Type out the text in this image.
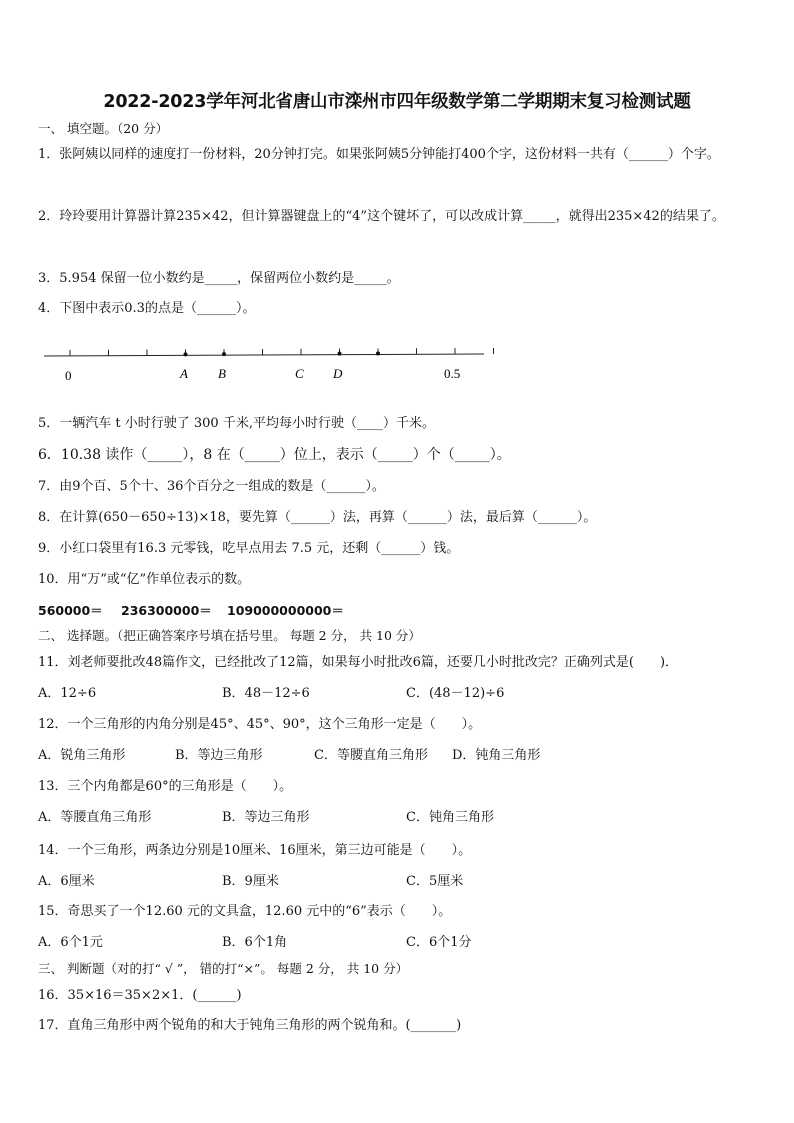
2022-2023学年河北省唐山市滦州市四年级数学第二学期期末复习检测试题
一、 填空题。（20 分）
1．张阿姨以同样的速度打一份材料，20分钟打完。如果张阿姨5分钟能打400个字，这份材料一共有（______）个字。
2．玲玲要用计算器计算235×42，但计算器键盘上的“4”这个键坏了，可以改成计算_____，就得出235×42的结果了。
3．5.954 保留一位小数约是_____，保留两位小数约是_____。
4．下图中表示0.3的点是（______）。
0	A B	C D	0.5
5．一辆汽车 t 小时行驶了 300 千米,平均每小时行驶（____）千米。
6．10.38 读作（_____），8 在（_____）位上，表示（_____）个（_____）。
7．由9个百、5个十、36个百分之一组成的数是（______）。
8．在计算(650－650÷13)×18，要先算（______）法，再算（______）法，最后算（______）。
9．小红口袋里有16.3 元零钱，吃早点用去 7.5 元，还剩（______）钱。
10．用“万”或“亿”作单位表示的数。
560000＝ 236300000＝ 109000000000＝
二、 选择题。（把正确答案序号填在括号里。 每题 2 分， 共 10 分）
11．刘老师要批改48篇作文，已经批改了12篇，如果每小时批改6篇，还要几小时批改完？正确列式是(　　)．
A．12÷6	B．48－12÷6	C．(48－12)÷6
12．一个三角形的内角分别是45°、45°、90°，这个三角形一定是（　　）。
A．锐角三角形	B．等边三角形	C．等腰直角三角形 D．钝角三角形
13．三个内角都是60°的三角形是（　　）。
A．等腰直角三角形	B．等边三角形	C．钝角三角形
14．一个三角形，两条边分别是10厘米、16厘米，第三边可能是（　　）。
A．6厘米	B．9厘米	C．5厘米
15．奇思买了一个12.60 元的文具盒，12.60 元中的“6”表示（　　）。
A．6个1元	B．6个1角	C．6个1分
三、 判断题（对的打“ √ ”， 错的打“×”。 每题 2 分， 共 10 分）
16．35×16＝35×2×1．(______)
17．直角三角形中两个锐角的和大于钝角三角形的两个锐角和。(_______)
